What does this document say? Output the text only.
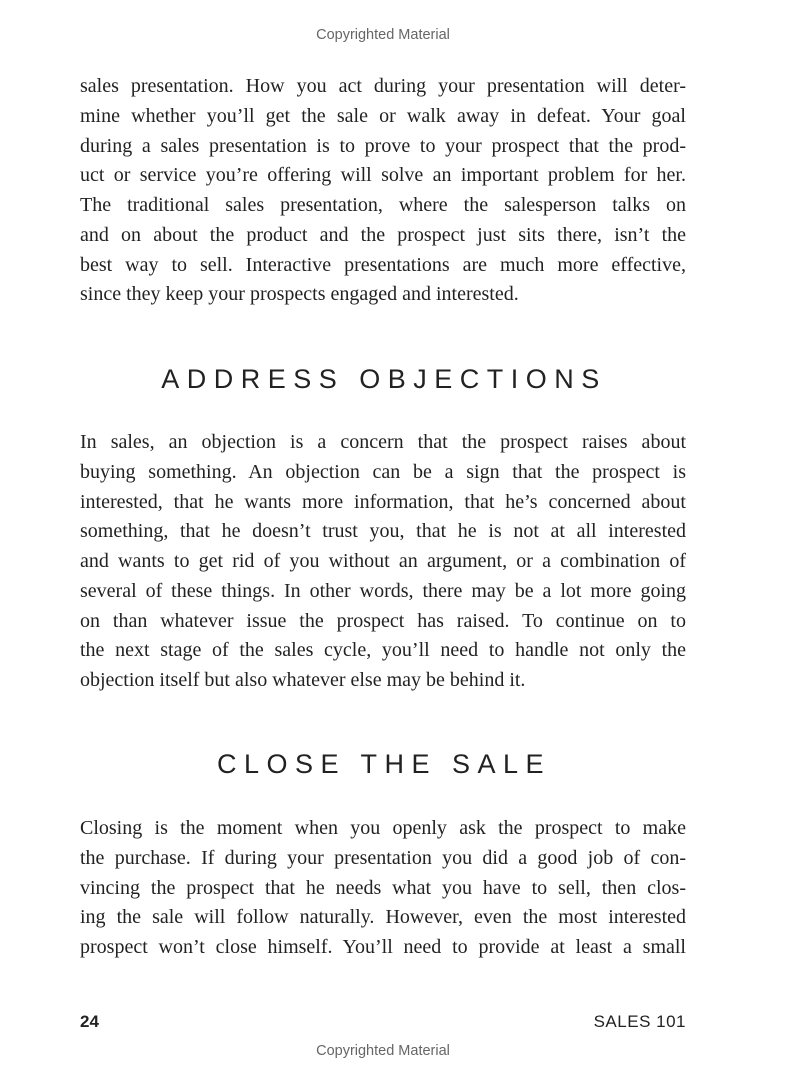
Copyrighted Material
sales presentation. How you act during your presentation will deter-
mine whether you’ll get the sale or walk away in defeat. Your goal
during a sales presentation is to prove to your prospect that the prod-
uct or service you’re offering will solve an important problem for her.
The traditional sales presentation, where the salesperson talks on
and on about the product and the prospect just sits there, isn’t the
best way to sell. Interactive presentations are much more effective,
since they keep your prospects engaged and interested.
ADDRESS OBJECTIONS
In sales, an objection is a concern that the prospect raises about
buying something. An objection can be a sign that the prospect is
interested, that he wants more information, that he’s concerned about
something, that he doesn’t trust you, that he is not at all interested
and wants to get rid of you without an argument, or a combination of
several of these things. In other words, there may be a lot more going
on than whatever issue the prospect has raised. To continue on to
the next stage of the sales cycle, you’ll need to handle not only the
objection itself but also whatever else may be behind it.
CLOSE THE SALE
Closing is the moment when you openly ask the prospect to make
the purchase. If during your presentation you did a good job of con-
vincing the prospect that he needs what you have to sell, then clos-
ing the sale will follow naturally. However, even the most interested
prospect won’t close himself. You’ll need to provide at least a small
24	SALES 101
Copyrighted Material
